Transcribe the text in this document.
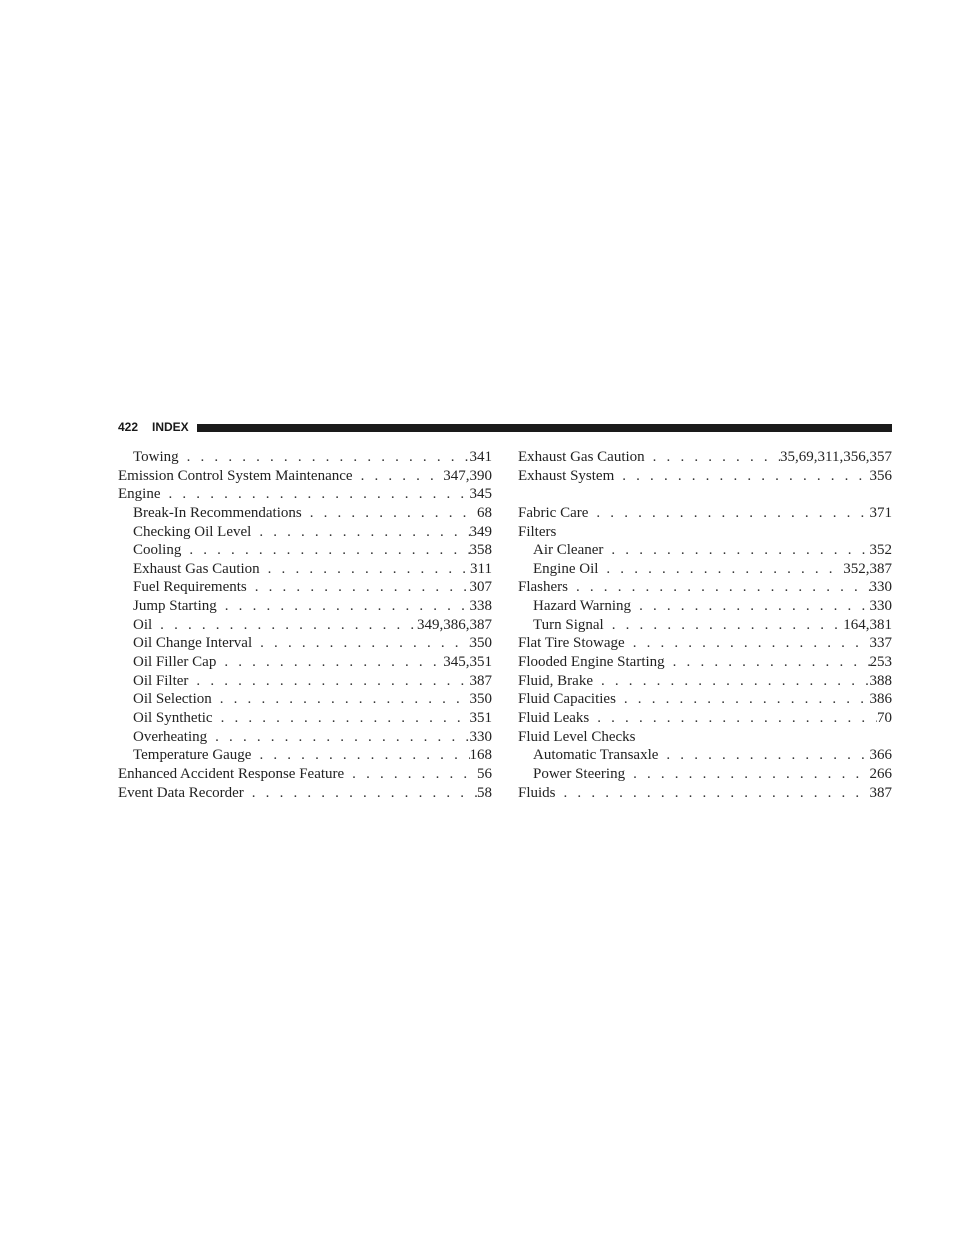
422 INDEX
Towing . . .	341
Emission Control System Maintenance . . .	347,390
Engine . . .	345
Break-In Recommendations . . .	68
Checking Oil Level . . .	349
Cooling . . .	358
Exhaust Gas Caution . . .	311
Fuel Requirements . . .	307
Jump Starting . . .	338
Oil . . .	349,386,387
Oil Change Interval . . .	350
Oil Filler Cap . . .	345,351
Oil Filter . . .	387
Oil Selection . . .	350
Oil Synthetic . . .	351
Overheating . . .	330
Temperature Gauge . . .	168
Enhanced Accident Response Feature . . .	56
Event Data Recorder . . .	58
Exhaust Gas Caution . . .	35,69,311,356,357
Exhaust System . . .	356
Fabric Care . . .	371
Filters
Air Cleaner . . .	352
Engine Oil . . .	352,387
Flashers . . .	330
Hazard Warning . . .	330
Turn Signal . . .	164,381
Flat Tire Stowage . . .	337
Flooded Engine Starting . . .	253
Fluid, Brake . . .	388
Fluid Capacities . . .	386
Fluid Leaks . . .	70
Fluid Level Checks
Automatic Transaxle . . .	366
Power Steering . . .	266
Fluids . . .	387
